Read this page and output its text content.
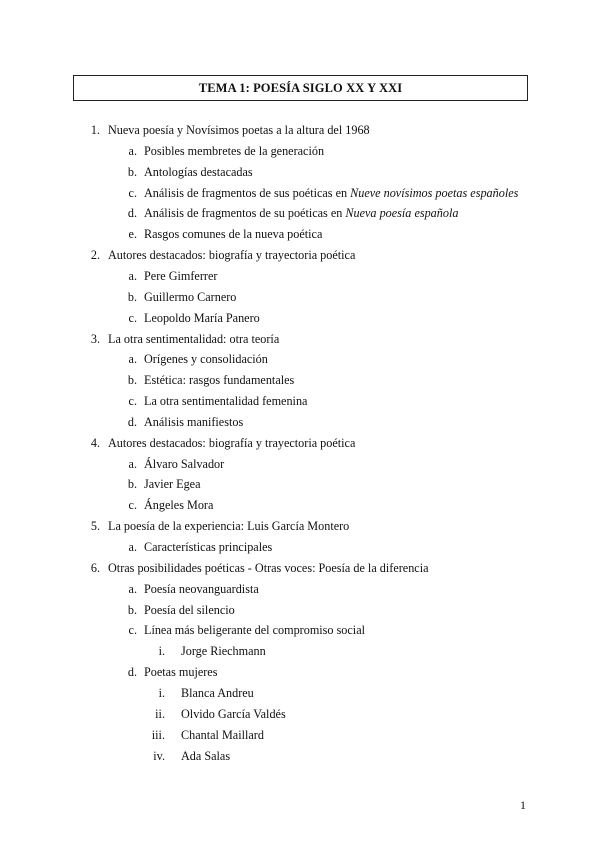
TEMA 1: POESÍA SIGLO XX Y XXI
1. Nueva poesía y Novísimos poetas a la altura del 1968
a. Posibles membretes de la generación
b. Antologías destacadas
c. Análisis de fragmentos de sus poéticas en Nueve novísimos poetas españoles
d. Análisis de fragmentos de su poéticas en Nueva poesía española
e. Rasgos comunes de la nueva poética
2. Autores destacados: biografía y trayectoria poética
a. Pere Gimferrer
b. Guillermo Carnero
c. Leopoldo María Panero
3. La otra sentimentalidad: otra teoría
a. Orígenes y consolidación
b. Estética: rasgos fundamentales
c. La otra sentimentalidad femenina
d. Análisis manifiestos
4. Autores destacados: biografía y trayectoria poética
a. Álvaro Salvador
b. Javier Egea
c. Ángeles Mora
5. La poesía de la experiencia: Luis García Montero
a. Características principales
6. Otras posibilidades poéticas - Otras voces: Poesía de la diferencia
a. Poesía neovanguardista
b. Poesía del silencio
c. Línea más beligerante del compromiso social
i. Jorge Riechmann
d. Poetas mujeres
i. Blanca Andreu
ii. Olvido García Valdés
iii. Chantal Maillard
iv. Ada Salas
1
